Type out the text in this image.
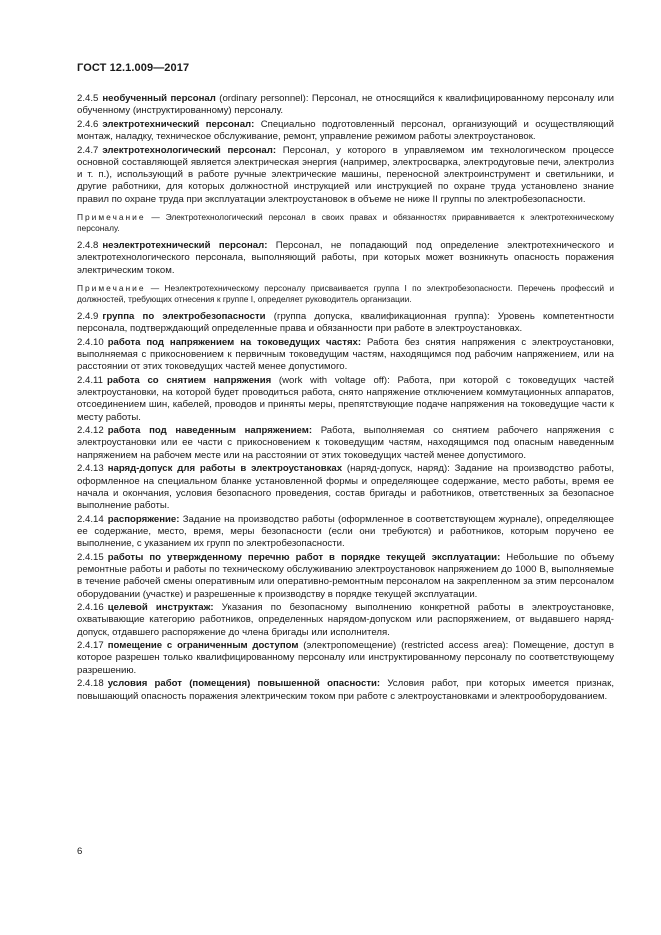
ГОСТ 12.1.009—2017
2.4.5 необученный персонал (ordinary personnel): Персонал, не относящийся к квалифицированному персоналу или обученному (инструктированному) персоналу.
2.4.6 электротехнический персонал: Специально подготовленный персонал, организующий и осуществляющий монтаж, наладку, техническое обслуживание, ремонт, управление режимом работы электроустановок.
2.4.7 электротехнологический персонал: Персонал, у которого в управляемом им технологическом процессе основной составляющей является электрическая энергия (например, электросварка, электродуговые печи, электролиз и т. п.), использующий в работе ручные электрические машины, переносной электроинструмент и светильники, и другие работники, для которых должностной инструкцией или инструкцией по охране труда установлено знание правил по охране труда при эксплуатации электроустановок в объеме не ниже II группы по электробезопасности.
Примечание — Электротехнологический персонал в своих правах и обязанностях приравнивается к электротехническому персоналу.
2.4.8 неэлектротехнический персонал: Персонал, не попадающий под определение электротехнического и электротехнологического персонала, выполняющий работы, при которых может возникнуть опасность поражения электрическим током.
Примечание — Неэлектротехническому персоналу присваивается группа I по электробезопасности. Перечень профессий и должностей, требующих отнесения к группе I, определяет руководитель организации.
2.4.9 группа по электробезопасности (группа допуска, квалификационная группа): Уровень компетентности персонала, подтверждающий определенные права и обязанности при работе в электроустановках.
2.4.10 работа под напряжением на токоведущих частях: Работа без снятия напряжения с электроустановки, выполняемая с прикосновением к первичным токоведущим частям, находящимся под рабочим напряжением, или на расстоянии от этих токоведущих частей менее допустимого.
2.4.11 работа со снятием напряжения (work with voltage off): Работа, при которой с токоведущих частей электроустановки, на которой будет проводиться работа, снято напряжение отключением коммутационных аппаратов, отсоединением шин, кабелей, проводов и приняты меры, препятствующие подаче напряжения на токоведущие части к месту работы.
2.4.12 работа под наведенным напряжением: Работа, выполняемая со снятием рабочего напряжения с электроустановки или ее части с прикосновением к токоведущим частям, находящимся под опасным наведенным напряжением на рабочем месте или на расстоянии от этих токоведущих частей менее допустимого.
2.4.13 наряд-допуск для работы в электроустановках (наряд-допуск, наряд): Задание на производство работы, оформленное на специальном бланке установленной формы и определяющее содержание, место работы, время ее начала и окончания, условия безопасного проведения, состав бригады и работников, ответственных за безопасное выполнение работы.
2.4.14 распоряжение: Задание на производство работы (оформленное в соответствующем журнале), определяющее ее содержание, место, время, меры безопасности (если они требуются) и работников, которым поручено ее выполнение, с указанием их групп по электробезопасности.
2.4.15 работы по утвержденному перечню работ в порядке текущей эксплуатации: Небольшие по объему ремонтные работы и работы по техническому обслуживанию электроустановок напряжением до 1000 В, выполняемые в течение рабочей смены оперативным или оперативно-ремонтным персоналом на закрепленном за этим персоналом оборудовании (участке) и разрешенные к производству в порядке текущей эксплуатации.
2.4.16 целевой инструктаж: Указания по безопасному выполнению конкретной работы в электроустановке, охватывающие категорию работников, определенных нарядом-допуском или распоряжением, от выдавшего наряд-допуск, отдавшего распоряжение до члена бригады или исполнителя.
2.4.17 помещение с ограниченным доступом (электропомещение) (restricted access area): Помещение, доступ в которое разрешен только квалифицированному персоналу или инструктированному персоналу по соответствующему разрешению.
2.4.18 условия работ (помещения) повышенной опасности: Условия работ, при которых имеется признак, повышающий опасность поражения электрическим током при работе с электроустановками и электрооборудованием.
6
